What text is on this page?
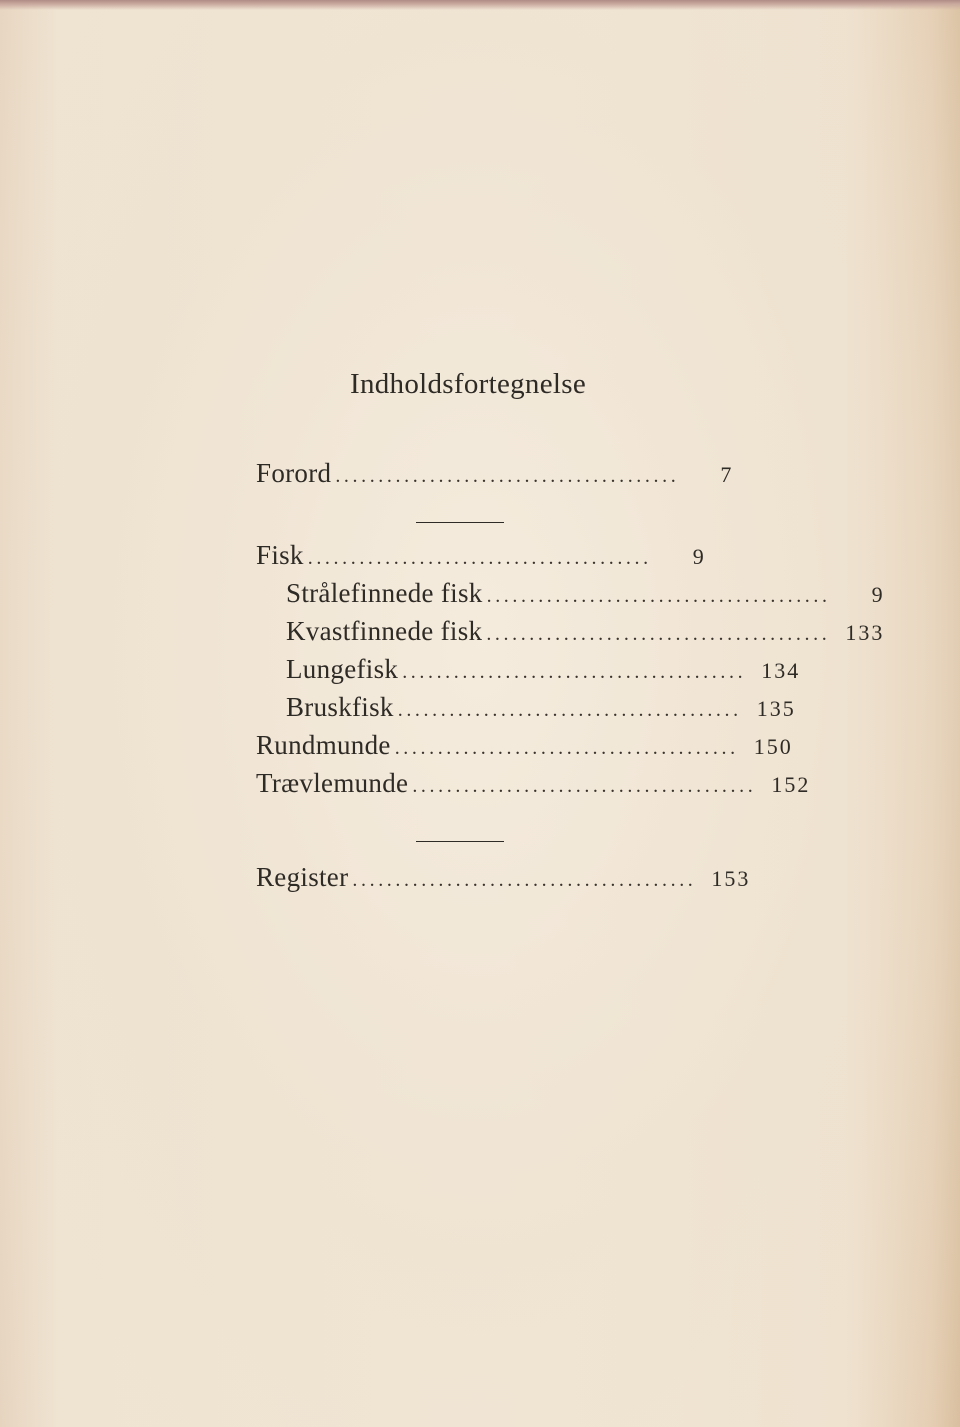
Indholdsfortegnelse
Forord ........................................	7
Fisk ........................................	9
Strålefinnede fisk ........................................	9
Kvastfinnede fisk ........................................ 133
Lungefisk ........................................ 134
Bruskfisk ........................................ 135
Rundmunde ........................................ 150
Trævlemunde ........................................ 152
Register ........................................ 153
